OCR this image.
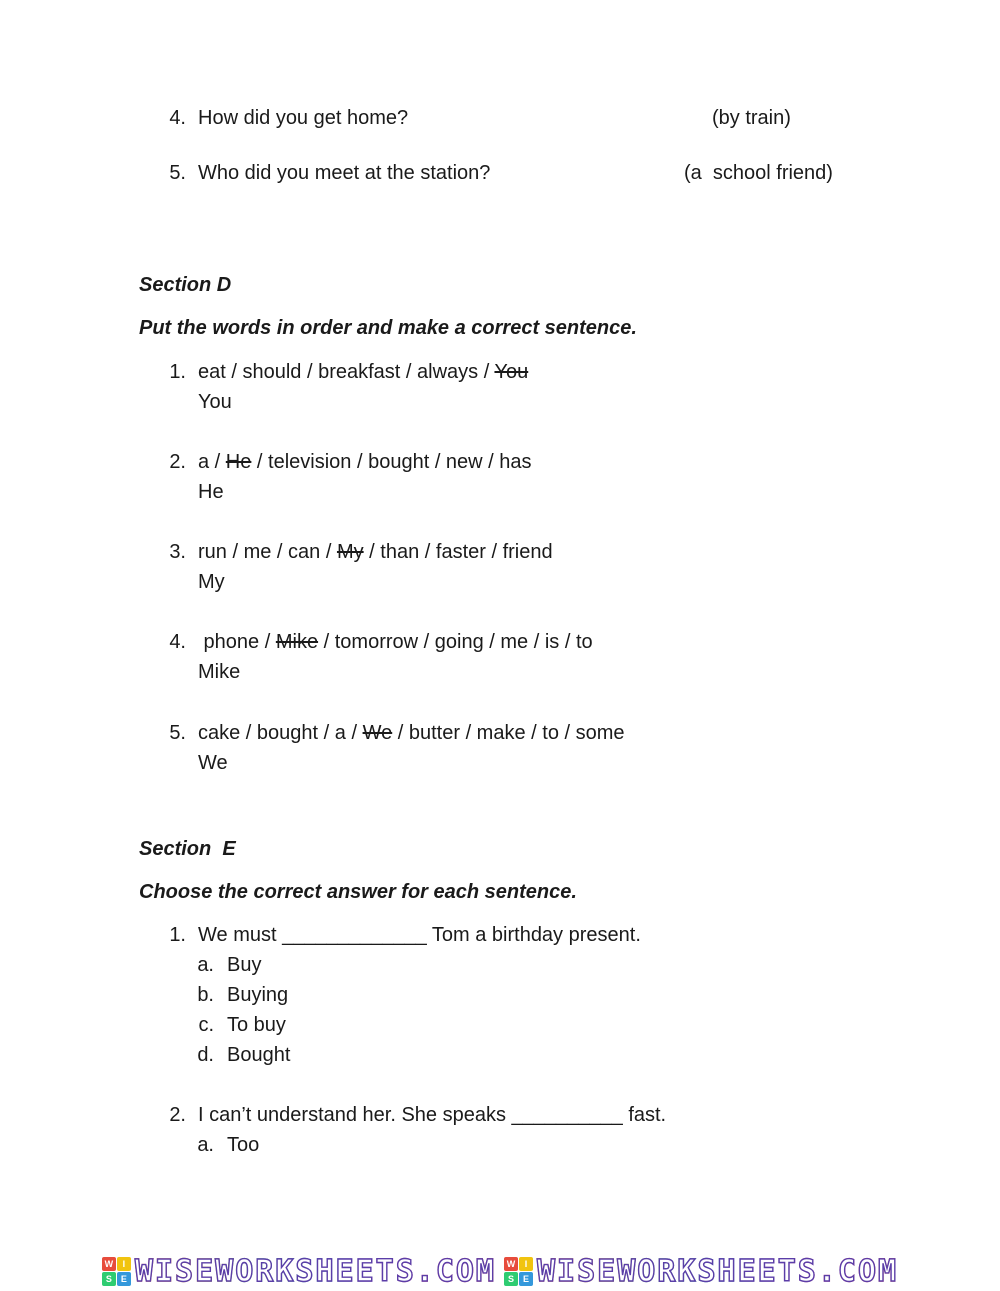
4. How did you get home?	(by train)
5. Who did you meet at the station?	(a  school friend)
Section D
Put the words in order and make a correct sentence.
1. eat / should / breakfast / always / You
You
2. a / He / television / bought / new / has
He
3. run / me / can / My / than / faster / friend
My
4. phone / Mike / tomorrow / going / me / is / to
Mike
5. cake / bought / a / We / butter / make / to / some
We
Section  E
Choose the correct answer for each sentence.
1. We must _____________ Tom a birthday present.
a. Buy
b. Buying
c. To buy
d. Bought
2. I can’t understand her. She speaks __________ fast.
a. Too
W	I
S E WISEWORKSHEETS.COM	W	I
S E WISEWORKSHEETS.COM
